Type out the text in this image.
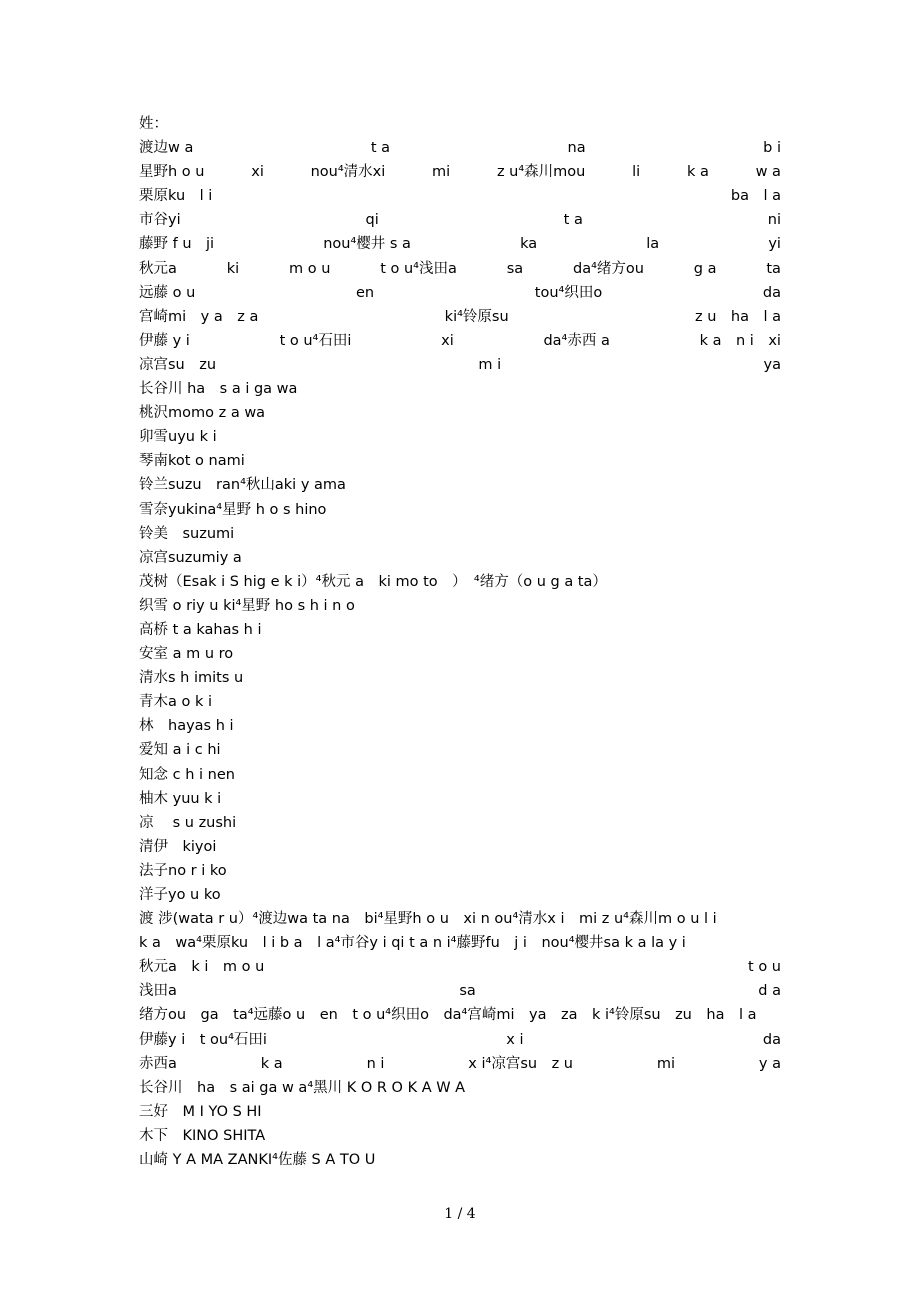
姓：
渡边w a	t a	na	b i
星野h o u	xi	nou⁴清水xi	mi	z u⁴森川mou	li	k a	w a
栗原ku　l i	ba　l a
市谷yi	qi	t a	ni
藤野 f u　ji	nou⁴樱井 s a	ka	la	yi
秋元a	ki	m o u	t o u⁴浅田a	sa	da⁴绪方ou	g a	ta
远藤 o u	en	tou⁴织田o	da
宫崎mi　y a　z a	ki⁴铃原su	z u　ha　l a
伊藤 y i	t o u⁴石田i	xi	da⁴赤西 a	k a　n i　xi
凉宫su　zu	m i	ya
长谷川 ha　s a i ga wa
桃沢momo z a wa
卯雪uyu k i
琴南kot o nami
铃兰suzu　ran⁴秋山aki y ama
雪奈yukina⁴星野 h o s hino
铃美　suzumi
凉宫suzumiy a
茂树（Esak i S hig e k i）⁴秋元 a　ki mo to　）　⁴绪方（o u g a ta）
织雪 o riy u ki⁴星野 ho s h i n o
高桥 t a kahas h i
安室 a m u ro
清水s h imits u
青木a o k i
林　hayas h i
爱知 a i c hi
知念 c h i nen
柚木 yuu k i
凉　 s u zushi
清伊　kiyoi
法子no r i ko
洋子yo u ko
渡 涉(wata r u）⁴渡边wa ta na　bi⁴星野h o u　xi n ou⁴清水x i　mi z u⁴森川m o u l i
k a　wa⁴栗原ku　l i b a　l a⁴市谷y i qi t a n i⁴藤野fu　j i　nou⁴樱井sa k a la y i
秋元a　k i　m o u	t o u
浅田a	sa	d a
绪方ou　ga　ta⁴远藤o u　en　t o u⁴织田o　da⁴宫崎mi　ya　za　k i⁴铃原su　zu　ha　l a
伊藤y i　t ou⁴石田i	x i	da
赤西a	k a	n i	x i⁴凉宫su　z u	mi	y a
长谷川　ha　s ai ga w a⁴黑川 K O R O K A W A
三好　M I YO S HI
木下　KINO SHITA
山崎 Y A MA ZANKI⁴佐藤 S A TO U
1 / 4
